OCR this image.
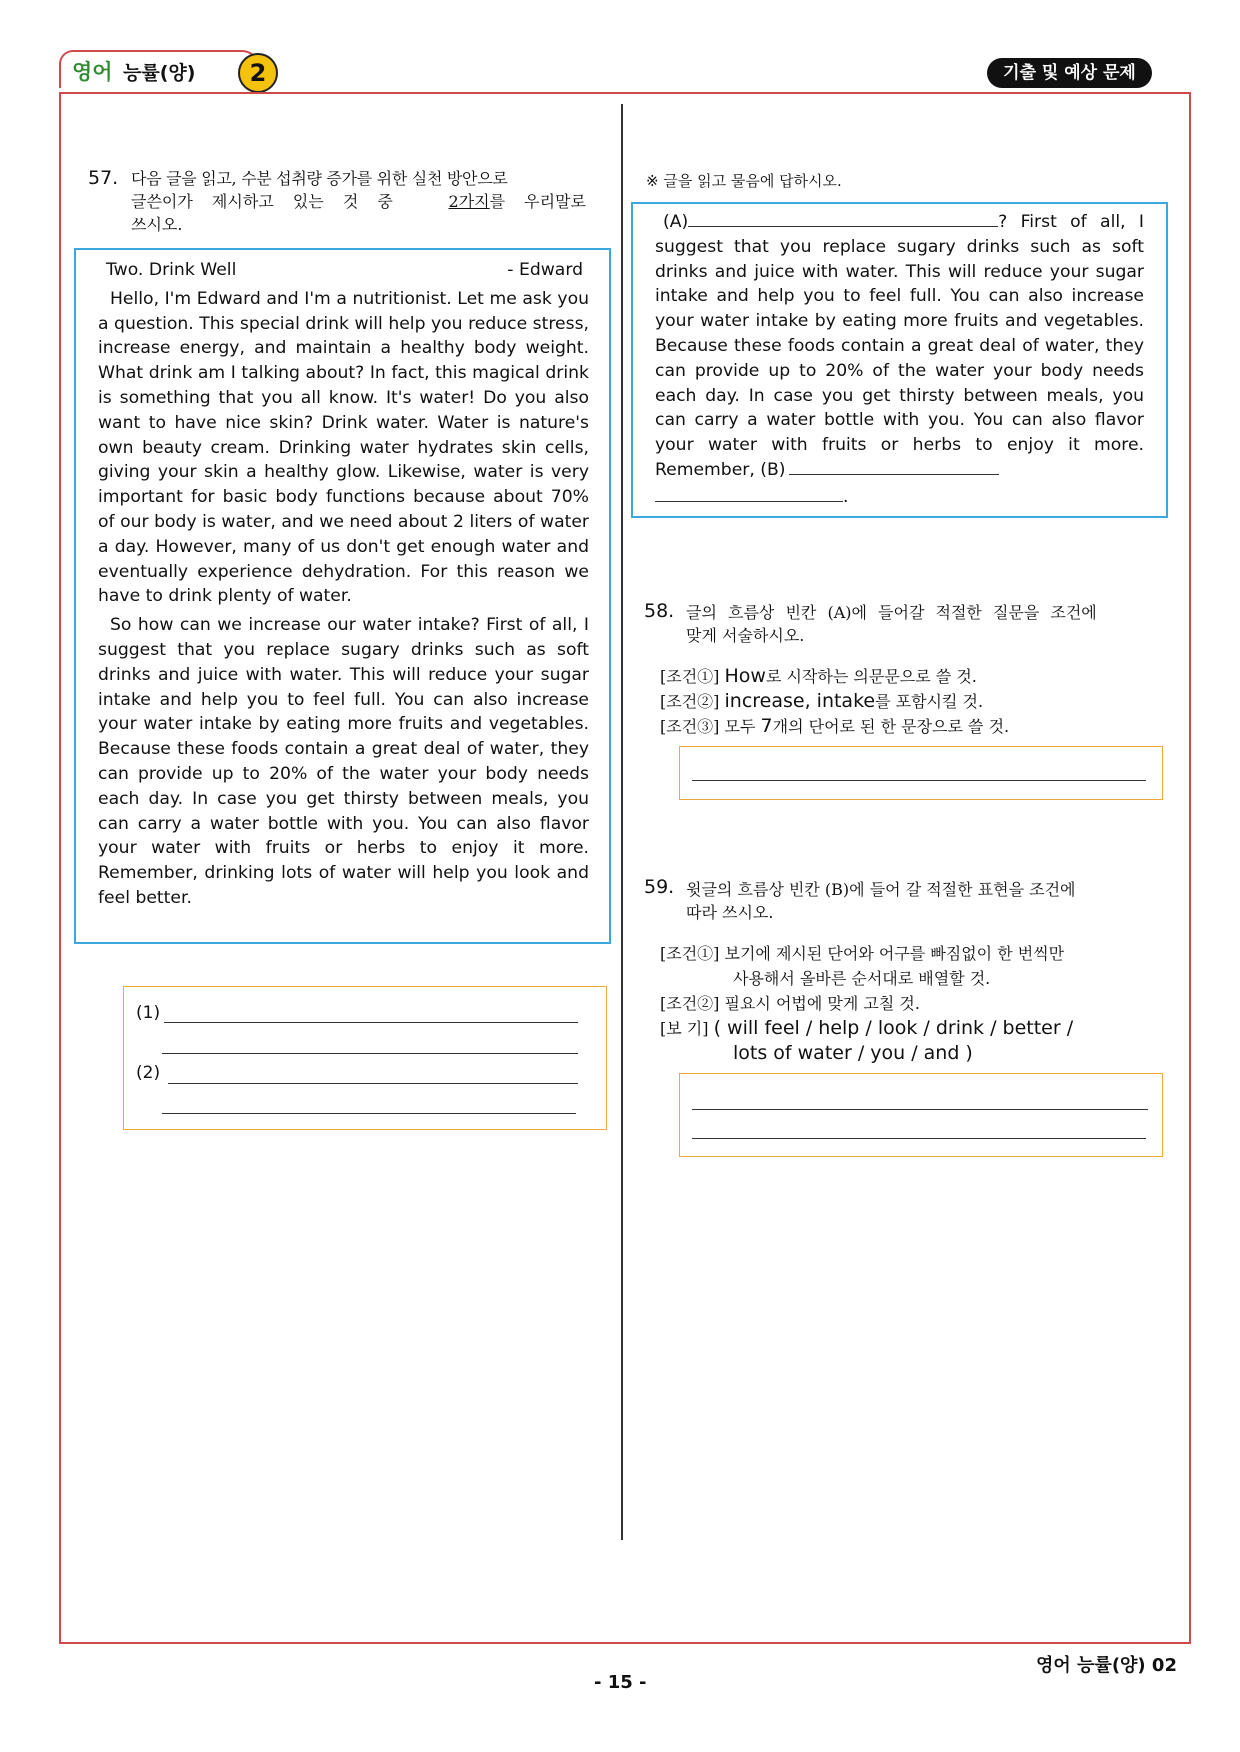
영어 능률(양)	2	기출 및 예상 문제
57. 다음 글을 읽고, 수분 섭취량 증가를 위한 실천 방안으로
글쓴이가 제시하고 있는 것 중	2가지를 우리말로
쓰시오.
Two. Drink Well	- Edward

Hello, I'm Edward and I'm a nutritionist. Let me ask you a question. This special drink will help you reduce stress, increase energy, and maintain a healthy body weight. What drink am I talking about? In fact, this magical drink is something that you all know. It's water! Do you also want to have nice skin? Drink water. Water is nature's own beauty cream. Drinking water hydrates skin cells, giving your skin a healthy glow. Likewise, water is very important for basic body functions because about 70% of our body is water, and we need about 2 liters of water a day. However, many of us don't get enough water and eventually experience dehydration. For this reason we have to drink plenty of water.

So how can we increase our water intake? First of all, I suggest that you replace sugary drinks such as soft drinks and juice with water. This will reduce your sugar intake and help you to feel full. You can also increase your water intake by eating more fruits and vegetables. Because these foods contain a great deal of water, they can provide up to 20% of the water your body needs each day. In case you get thirsty between meals, you can carry a water bottle with you. You can also flavor your water with fruits or herbs to enjoy it more. Remember, drinking lots of water will help you look and feel better.

(1)
(2)
※ 글을 읽고 물음에 답하시오.

(A)	? First of all, I suggest that you replace sugary drinks such as soft drinks and juice with water. This will reduce your sugar intake and help you to feel full. You can also increase your water intake by eating more fruits and vegetables. Because these foods contain a great deal of water, they can provide up to 20% of the water your body needs each day. In case you get thirsty between meals, you can carry a water bottle with you. You can also flavor your water with fruits or herbs to enjoy it more. Remember, (B)
.

58. 글의 흐름상 빈칸 (A)에 들어갈 적절한 질문을 조건에
맞게 서술하시오.
[조건①] How로 시작하는 의문문으로 쓸 것.
[조건②] increase, intake를 포함시킬 것.
[조건③] 모두 7개의 단어로 된 한 문장으로 쓸 것.
59. 윗글의 흐름상 빈칸 (B)에 들어 갈 적절한 표현을 조건에
따라 쓰시오.
[조건①] 보기에 제시된 단어와 어구를 빠짐없이 한 번씩만
사용해서 올바른 순서대로 배열할 것.
[조건②] 필요시 어법에 맞게 고칠 것.
[보 기] ( will feel / help / look / drink / better /
lots of water / you / and )
영어 능률(양) 02
- 15 -
